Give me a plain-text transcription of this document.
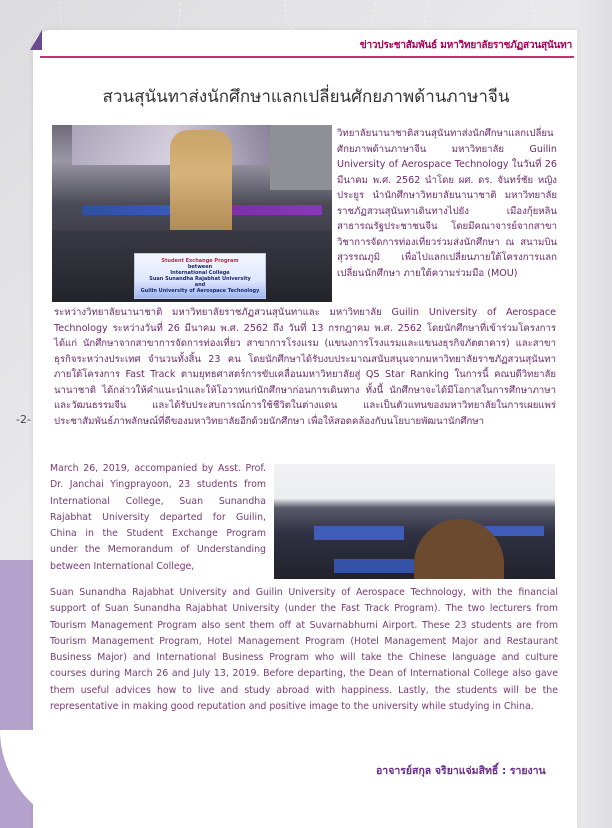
ข่าวประชาสัมพันธ์ มหาวิทยาลัยราชภัฏสวนสุนันทา
สวนสุนันทาส่งนักศึกษาแลกเปลี่ยนศักยภาพด้านภาษาจีน
Student Exchange Program
between
International College
Suan Sunandha Rajabhat University
and
Guilin University of Aerospace Technology

วิทยาลัยนานาชาติสวนสุนันทาส่งนักศึกษาแลกเปลี่ยนศักยภาพด้านภาษาจีน มหาวิทยาลัย Guilin University of Aerospace Technology ในวันที่ 26 มีนาคม พ.ศ. 2562 นำโดย ผศ. ดร. จันทร์ชัย หญิงประยูร นำนักศึกษาวิทยาลัยนานาชาติ มหาวิทยาลัยราชภัฏสวนสุนันทาเดินทางไปยัง เมืองกุ้ยหลินสาธารณรัฐประชาชนจีน โดยมีคณาจารย์จากสาขาวิชาการจัดการท่องเที่ยวร่วมส่งนักศึกษา ณ สนามบินสุวรรณภูมิ เพื่อไปแลกเปลี่ยนภายใต้โครงการแลกเปลี่ยนนักศึกษา ภายใต้ความร่วมมือ (MOU)

ระหว่างวิทยาลัยนานาชาติ มหาวิทยาลัยราชภัฏสวนสุนันทาและ มหาวิทยาลัย Guilin University of Aerospace Technology ระหว่างวันที่ 26 มีนาคม พ.ศ. 2562 ถึง วันที่ 13 กรกฎาคม พ.ศ. 2562 โดยนักศึกษาที่เข้าร่วมโครงการ ได้แก่ นักศึกษาจากสาขาการจัดการท่องเที่ยว สาขาการโรงแรม (แขนงการโรงแรมและแขนงธุรกิจภัตตาคาร) และสาขาธุรกิจระหว่างประเทศ จำนวนทั้งสิ้น 23 คน โดยนักศึกษาได้รับงบประมาณสนับสนุนจากมหาวิทยาลัยราชภัฏสวนสุนันทา ภายใต้โครงการ Fast Track ตามยุทธศาสตร์การขับเคลื่อนมหาวิทยาลัยสู่ QS Star Ranking ในการนี้ คณบดีวิทยาลัยนานาชาติ ได้กล่าวให้คำแนะนำและให้โอวาทแก่นักศึกษาก่อนการเดินทาง ทั้งนี้ นักศึกษาจะได้มีโอกาสในการศึกษาภาษาและวัฒนธรรมจีน และได้รับประสบการณ์การใช้ชีวิตในต่างแดน และเป็นตัวแทนของมหาวิทยาลัยในการเผยแพร่ ประชาสัมพันธ์ภาพลักษณ์ที่ดีของมหาวิทยาลัยอีกด้วยนักศึกษา เพื่อให้สอดคล้องกับนโยบายพัฒนานักศึกษา

-2-

March 26, 2019, accompanied by Asst. Prof. Dr. Janchai Yingprayoon, 23 students from International College, Suan Sunandha Rajabhat University departed for Guilin, China in the Student Exchange Program under the Memorandum of Understanding between International College,

Suan Sunandha Rajabhat University and Guilin University of Aerospace Technology, with the financial support of Suan Sunandha Rajabhat University (under the Fast Track Program). The two lecturers from Tourism Management Program also sent them off at Suvarnabhumi Airport. These 23 students are from Tourism Management Program, Hotel Management Program (Hotel Management Major and Restaurant Business Major) and International Business Program who will take the Chinese language and culture courses during March 26 and July 13, 2019. Before departing, the Dean of International College also gave them useful advices how to live and study abroad with happiness. Lastly, the students will be the representative in making good reputation and positive image to the university while studying in China.

อาจารย์สกุล จริยาแจ่มสิทธิ์ : รายงาน
